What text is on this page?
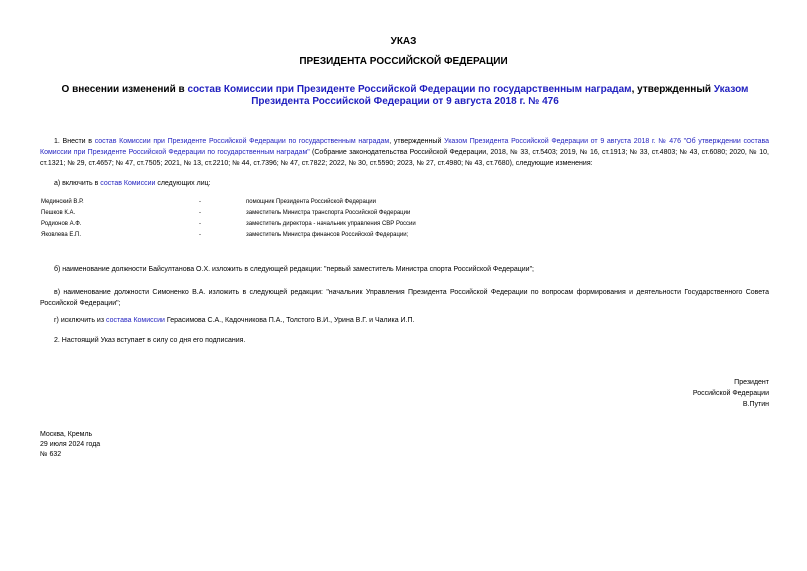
УКАЗ
ПРЕЗИДЕНТА РОССИЙСКОЙ ФЕДЕРАЦИИ
О внесении изменений в состав Комиссии при Президенте Российской Федерации по государственным наградам, утвержденный Указом Президента Российской Федерации от 9 августа 2018 г. № 476
1. Внести в состав Комиссии при Президенте Российской Федерации по государственным наградам, утвержденный Указом Президента Российской Федерации от 9 августа 2018 г. № 476 "Об утверждении состава Комиссии при Президенте Российской Федерации по государственным наградам" (Собрание законодательства Российской Федерации, 2018, № 33, ст.5403; 2019, № 16, ст.1913; № 33, ст.4803; № 43, ст.6080; 2020, № 10, ст.1321; № 29, ст.4657; № 47, ст.7505; 2021, № 13, ст.2210; № 44, ст.7396; № 47, ст.7822; 2022, № 30, ст.5590; 2023, № 27, ст.4980; № 43, ст.7680), следующие изменения:
а) включить в состав Комиссии следующих лиц:
Мединский В.Р.	-	помощник Президента Российской Федерации
Пешков К.А.	-	заместитель Министра транспорта Российской Федерации
Родионов А.Ф.	-	заместитель директора - начальник управления СВР России
Яковлева Е.П.	-	заместитель Министра финансов Российской Федерации;
б) наименование должности Байсултанова О.Х. изложить в следующей редакции: "первый заместитель Министра спорта Российской Федерации";
в) наименование должности Симоненко В.А. изложить в следующей редакции: "начальник Управления Президента Российской Федерации по вопросам формирования и деятельности Государственного Совета Российской Федерации";
г) исключить из состава Комиссии Герасимова С.А., Кадочникова П.А., Толстого В.И., Урина В.Г. и Чалика И.П.
2. Настоящий Указ вступает в силу со дня его подписания.
Президент
Российской Федерации
В.Путин
Москва, Кремль
29 июля 2024 года
№ 632
